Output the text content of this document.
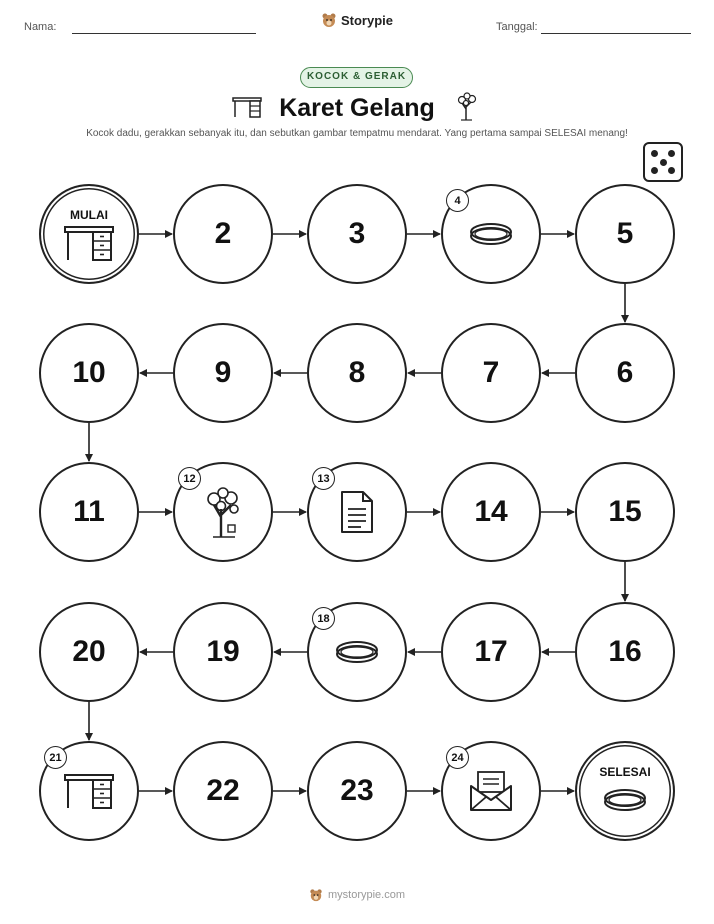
Nama:	Storypie	Tanggal:
KOCOK & GERAK
Karet Gelang
Kocok dadu, gerakkan sebanyak itu, dan sebutkan gambar tempatmu mendarat. Yang pertama sampai SELESAI menang!
MULAI
2	3
4
5
6
7
8
9
10
11
12	13
14	15
16
17
18
19
20
21
22	23
24
SELESAI
mystorypie.com
